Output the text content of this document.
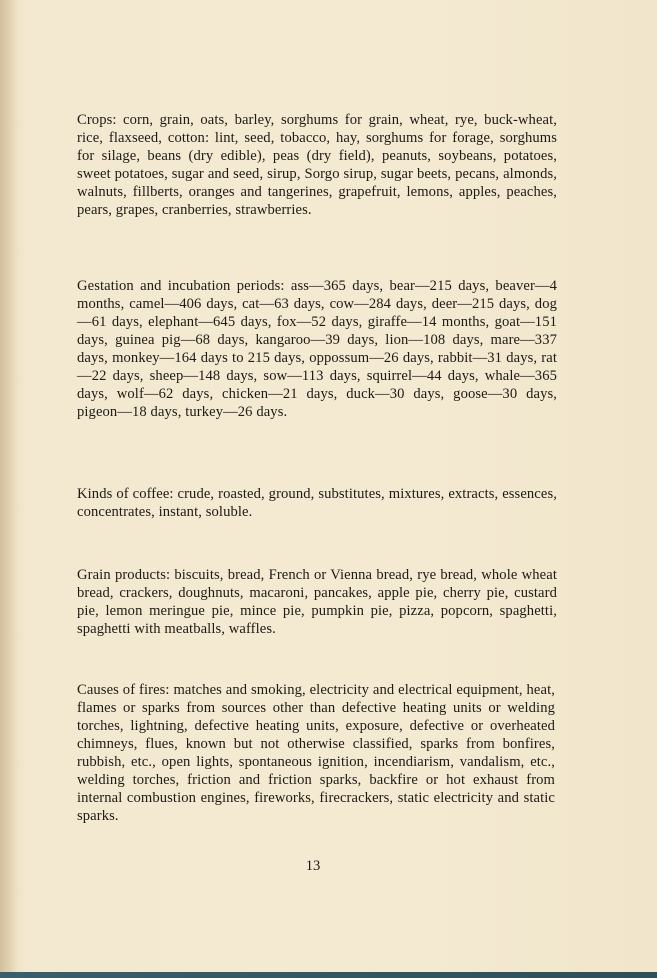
Crops: corn, grain, oats, barley, sorghums for grain, wheat, rye, buck-wheat, rice, flaxseed, cotton: lint, seed, tobacco, hay, sorghums for forage, sorghums for silage, beans (dry edible), peas (dry field), peanuts, soybeans, potatoes, sweet potatoes, sugar and seed, sirup, Sorgo sirup, sugar beets, pecans, almonds, walnuts, fillberts, oranges and tangerines, grapefruit, lemons, apples, peaches, pears, grapes, cranberries, strawberries.

Gestation and incubation periods: ass—365 days, bear—215 days, beaver—4 months, camel—406 days, cat—63 days, cow—284 days, deer—215 days, dog—61 days, elephant—645 days, fox—52 days, giraffe—14 months, goat—151 days, guinea pig—68 days, kangaroo—39 days, lion—108 days, mare—337 days, monkey—164 days to 215 days, oppossum—26 days, rabbit—31 days, rat—22 days, sheep—148 days, sow—113 days, squirrel—44 days, whale—365 days, wolf—62 days, chicken—21 days, duck—30 days, goose—30 days, pigeon—18 days, turkey—26 days.

Kinds of coffee: crude, roasted, ground, substitutes, mixtures, extracts, essences, concentrates, instant, soluble.

Grain products: biscuits, bread, French or Vienna bread, rye bread, whole wheat bread, crackers, doughnuts, macaroni, pancakes, apple pie, cherry pie, custard pie, lemon meringue pie, mince pie, pumpkin pie, pizza, popcorn, spaghetti, spaghetti with meatballs, waffles.

Causes of fires: matches and smoking, electricity and electrical equipment, heat, flames or sparks from sources other than defective heating units or welding torches, lightning, defective heating units, exposure, defective or overheated chimneys, flues, known but not otherwise classified, sparks from bonfires, rubbish, etc., open lights, spontaneous ignition, incendiarism, vandalism, etc., welding torches, friction and friction sparks, backfire or hot exhaust from internal combustion engines, fireworks, firecrackers, static electricity and static sparks.

13
